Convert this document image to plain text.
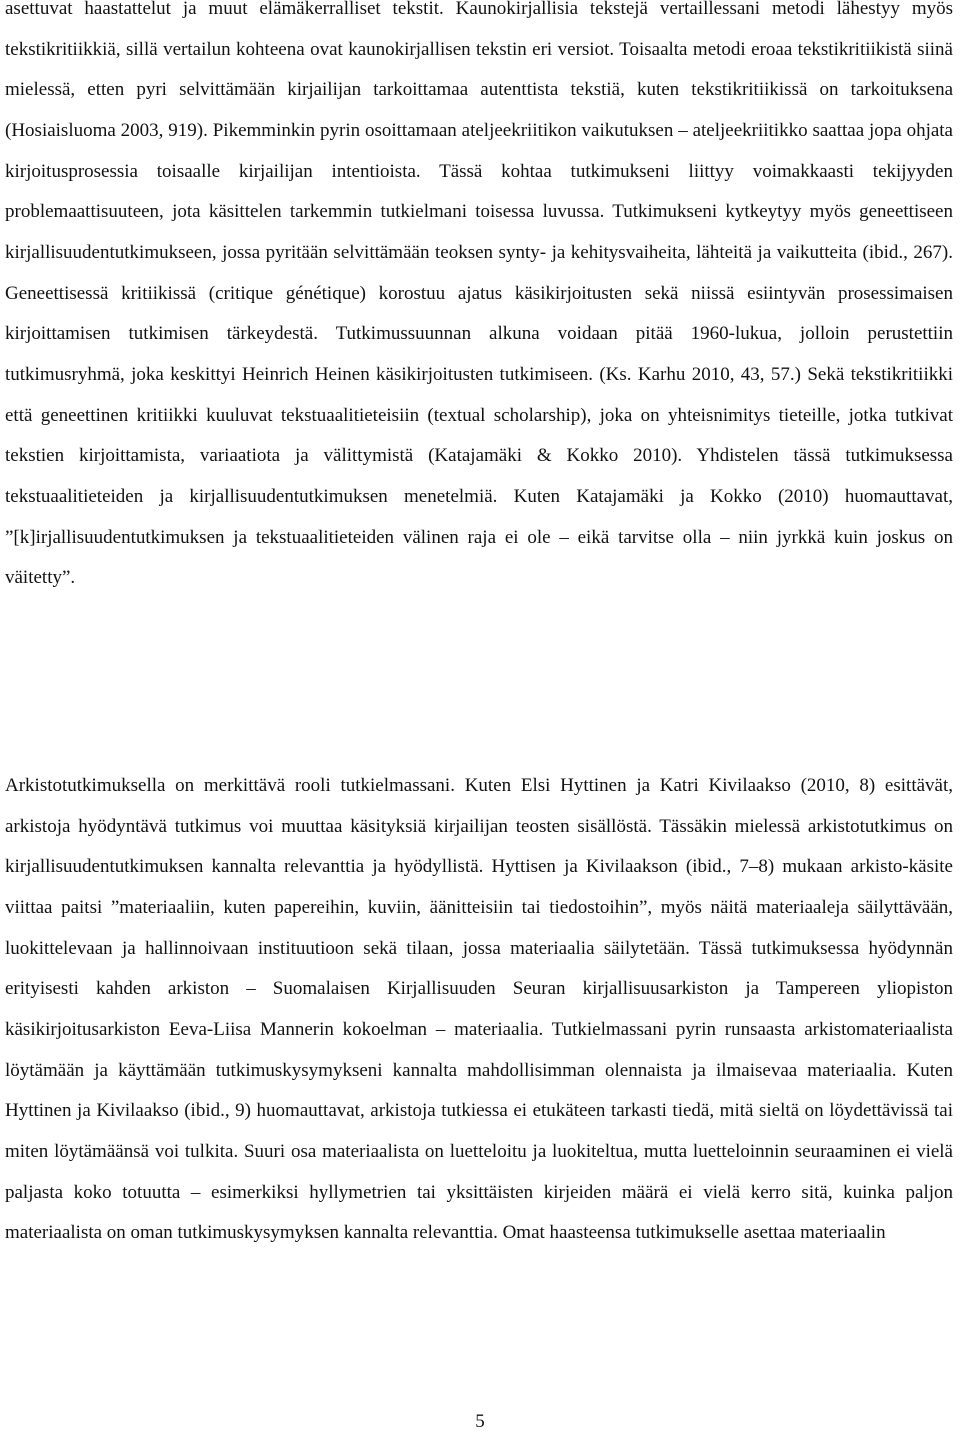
asettuvat haastattelut ja muut elämäkerralliset tekstit. Kaunokirjallisia tekstejä vertaillessani metodi lähestyy myös tekstikritiikkiä, sillä vertailun kohteena ovat kaunokirjallisen tekstin eri versiot. Toisaalta metodi eroaa tekstikritiikistä siinä mielessä, etten pyri selvittämään kirjailijan tarkoittamaa autenttista tekstiä, kuten tekstikritiikissä on tarkoituksena (Hosiaisluoma 2003, 919). Pikemminkin pyrin osoittamaan ateljeekriitikon vaikutuksen – ateljeekriitikko saattaa jopa ohjata kirjoitusprosessia toisaalle kirjailijan intentioista. Tässä kohtaa tutkimukseni liittyy voimakkaasti tekijyyden problemaattisuuteen, jota käsittelen tarkemmin tutkielmani toisessa luvussa. Tutkimukseni kytkeytyy myös geneettiseen kirjallisuudentutkimukseen, jossa pyritään selvittämään teoksen synty- ja kehitysvaiheita, lähteitä ja vaikutteita (ibid., 267). Geneettisessä kritiikissä (critique génétique) korostuu ajatus käsikirjoitusten sekä niissä esiintyvän prosessimaisen kirjoittamisen tutkimisen tärkeydestä. Tutkimussuunnan alkuna voidaan pitää 1960-lukua, jolloin perustettiin tutkimusryhmä, joka keskittyi Heinrich Heinen käsikirjoitusten tutkimiseen. (Ks. Karhu 2010, 43, 57.) Sekä tekstikritiikki että geneettinen kritiikki kuuluvat tekstuaalitieteisiin (textual scholarship), joka on yhteisnimitys tieteille, jotka tutkivat tekstien kirjoittamista, variaatiota ja välittymistä (Katajamäki & Kokko 2010). Yhdistelen tässä tutkimuksessa tekstuaalitieteiden ja kirjallisuudentutkimuksen menetelmiä. Kuten Katajamäki ja Kokko (2010) huomauttavat, ”[k]irjallisuudentutkimuksen ja tekstuaalitieteiden välinen raja ei ole – eikä tarvitse olla – niin jyrkkä kuin joskus on väitetty”.

Arkistotutkimuksella on merkittävä rooli tutkielmassani. Kuten Elsi Hyttinen ja Katri Kivilaakso (2010, 8) esittävät, arkistoja hyödyntävä tutkimus voi muuttaa käsityksiä kirjailijan teosten sisällöstä. Tässäkin mielessä arkistotutkimus on kirjallisuudentutkimuksen kannalta relevanttia ja hyödyllistä. Hyttisen ja Kivilaakson (ibid., 7–8) mukaan arkisto-käsite viittaa paitsi ”materiaaliin, kuten papereihin, kuviin, äänitteisiin tai tiedostoihin”, myös näitä materiaaleja säilyttävään, luokittelevaan ja hallinnoivaan instituutioon sekä tilaan, jossa materiaalia säilytetään. Tässä tutkimuksessa hyödynnän erityisesti kahden arkiston – Suomalaisen Kirjallisuuden Seuran kirjallisuusarkiston ja Tampereen yliopiston käsikirjoitusarkiston Eeva-Liisa Mannerin kokoelman – materiaalia. Tutkielmassani pyrin runsaasta arkistomateriaalista löytämään ja käyttämään tutkimuskysymykseni kannalta mahdollisimman olennaista ja ilmaisevaa materiaalia. Kuten Hyttinen ja Kivilaakso (ibid., 9) huomauttavat, arkistoja tutkiessa ei etukäteen tarkasti tiedä, mitä sieltä on löydettävissä tai miten löytämäänsä voi tulkita. Suuri osa materiaalista on luetteloitu ja luokiteltua, mutta luetteloinnin seuraaminen ei vielä paljasta koko totuutta – esimerkiksi hyllymetrien tai yksittäisten kirjeiden määrä ei vielä kerro sitä, kuinka paljon materiaalista on oman tutkimuskysymyksen kannalta relevanttia. Omat haasteensa tutkimukselle asettaa materiaalin

5
